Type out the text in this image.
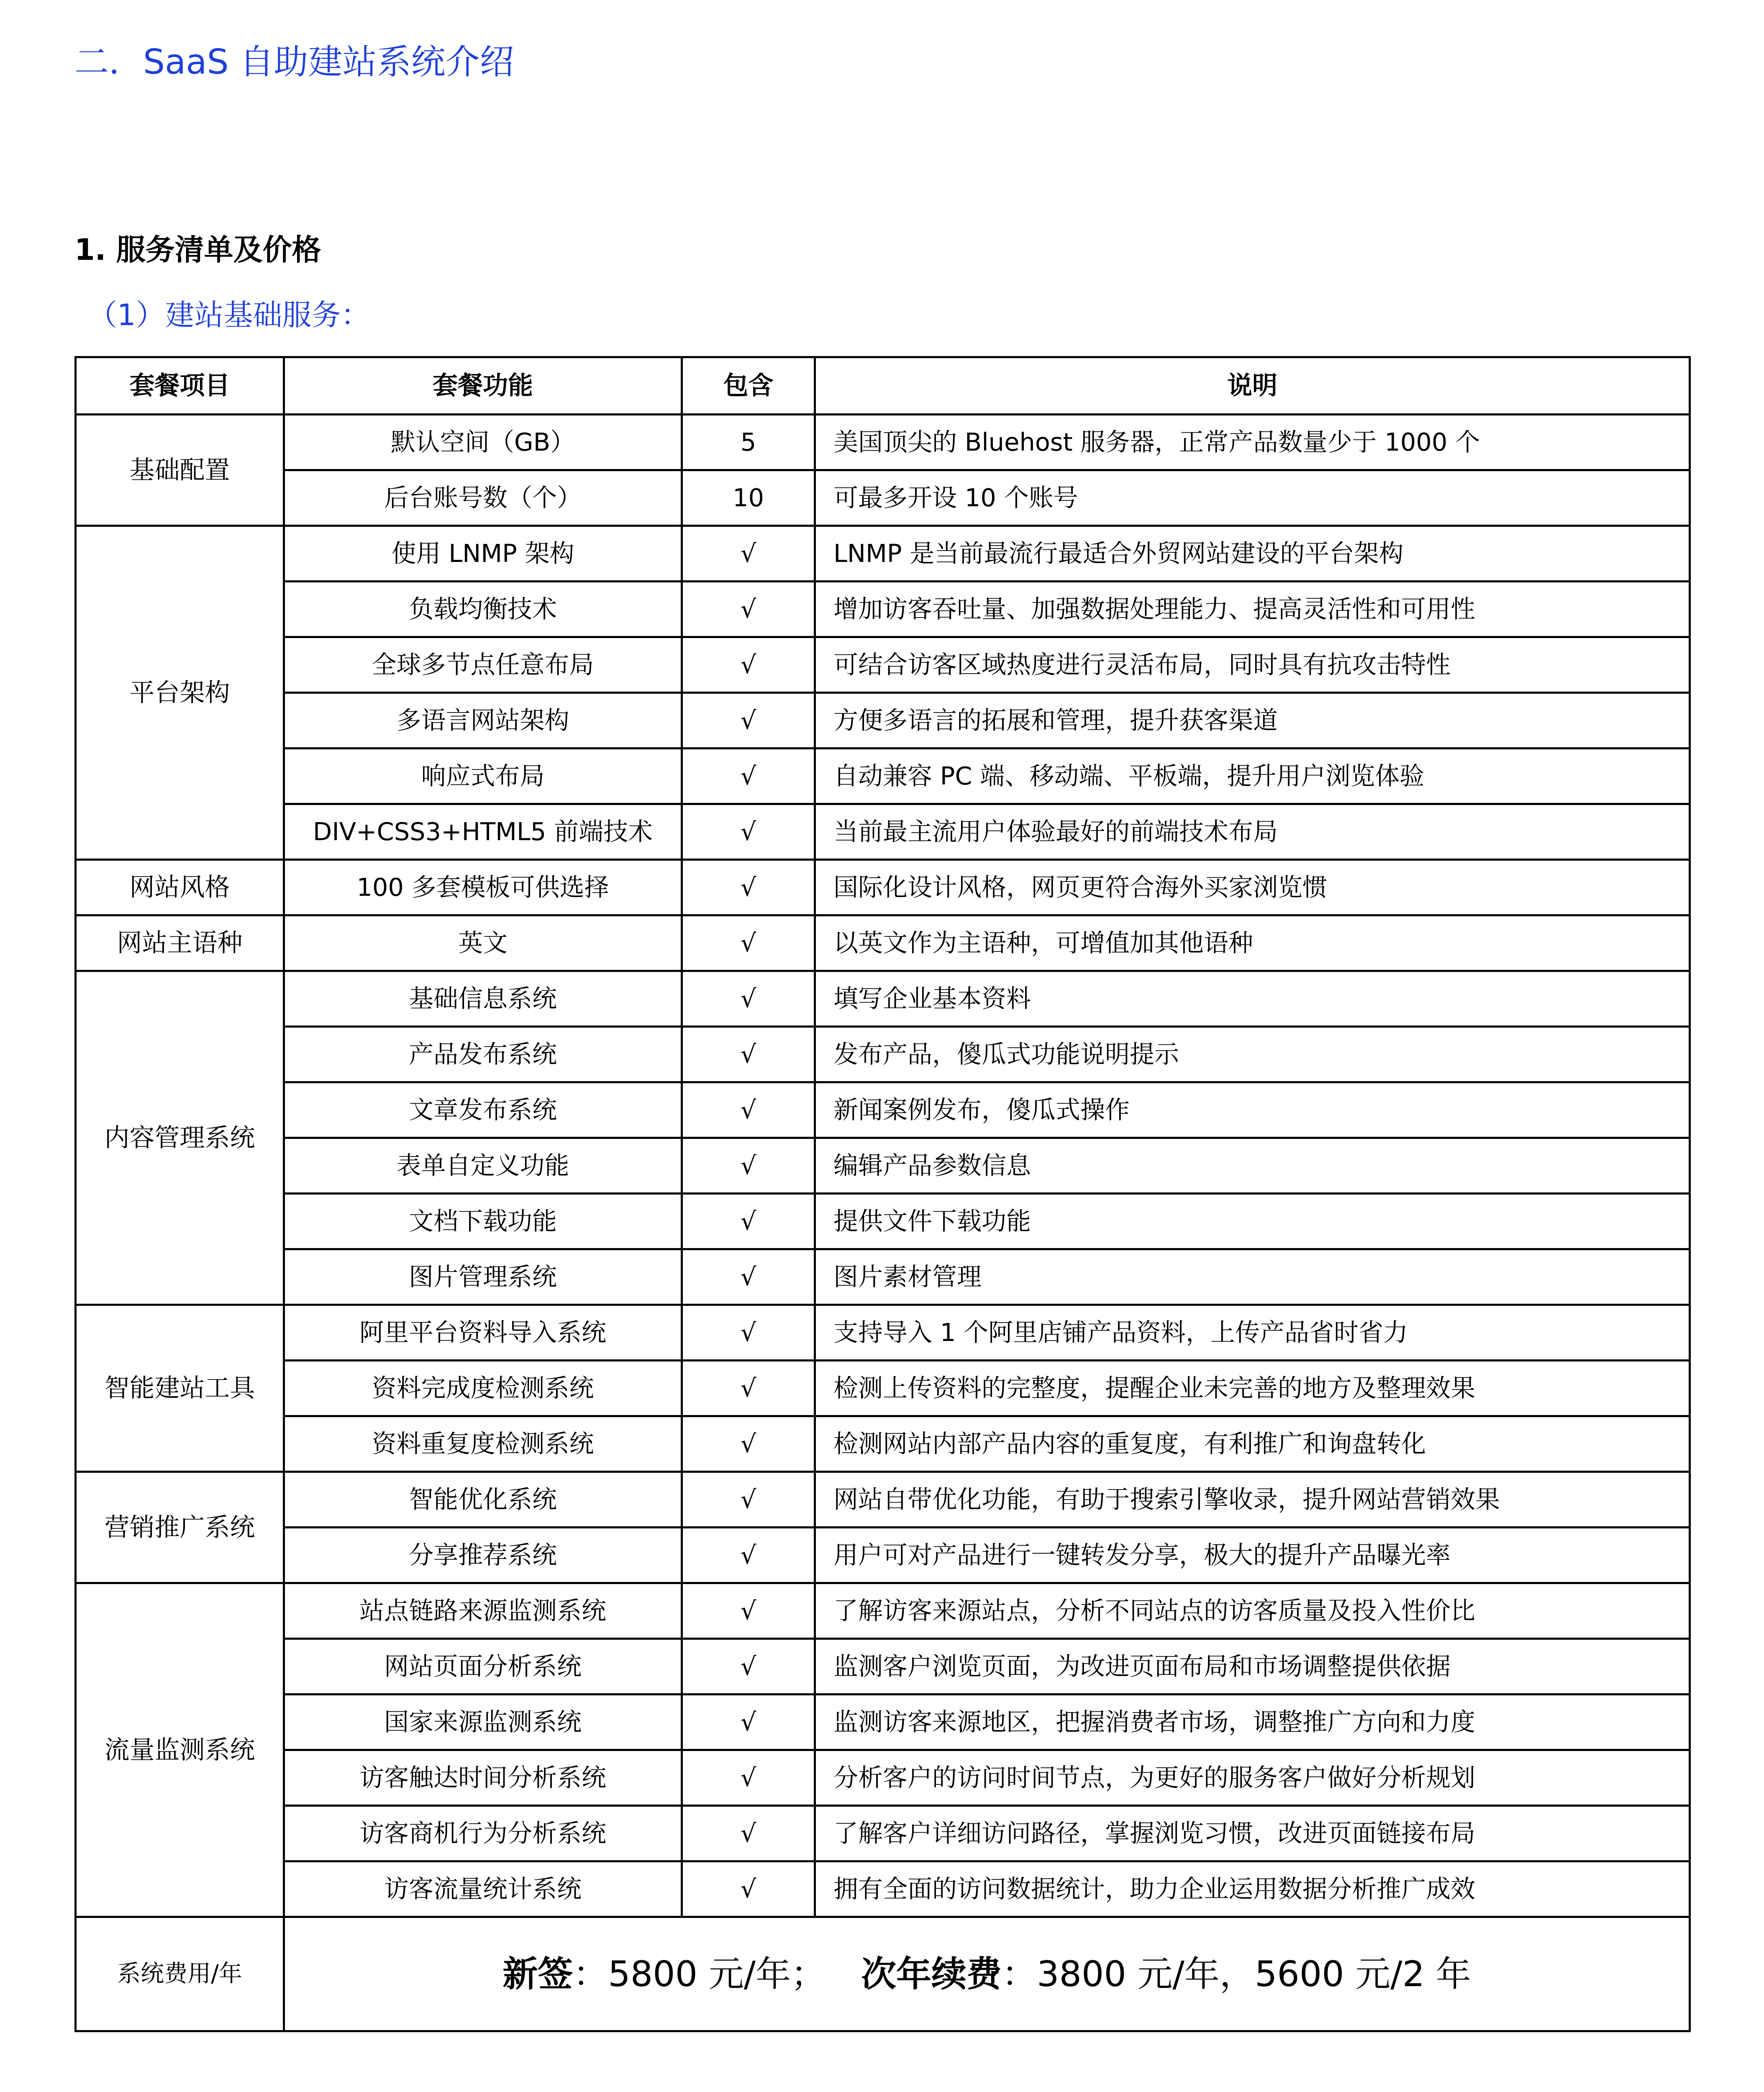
二．SaaS 自助建站系统介绍
1. 服务清单及价格
（1）建站基础服务：
套餐项目	套餐功能	包含	说明
基础配置	默认空间（GB）	5	美国顶尖的 Bluehost 服务器，正常产品数量少于 1000 个
	后台账号数（个）	10	可最多开设 10 个账号
平台架构	使用 LNMP 架构	√	LNMP 是当前最流行最适合外贸网站建设的平台架构
	负载均衡技术	√	增加访客吞吐量、加强数据处理能力、提高灵活性和可用性
	全球多节点任意布局	√	可结合访客区域热度进行灵活布局，同时具有抗攻击特性
	多语言网站架构	√	方便多语言的拓展和管理，提升获客渠道
	响应式布局	√	自动兼容 PC 端、移动端、平板端，提升用户浏览体验
	DIV+CSS3+HTML5 前端技术	√	当前最主流用户体验最好的前端技术布局
网站风格	100 多套模板可供选择	√	国际化设计风格，网页更符合海外买家浏览惯
网站主语种	英文	√	以英文作为主语种，可增值加其他语种
内容管理系统	基础信息系统	√	填写企业基本资料
	产品发布系统	√	发布产品，傻瓜式功能说明提示
	文章发布系统	√	新闻案例发布，傻瓜式操作
	表单自定义功能	√	编辑产品参数信息
	文档下载功能	√	提供文件下载功能
	图片管理系统	√	图片素材管理
智能建站工具	阿里平台资料导入系统	√	支持导入 1 个阿里店铺产品资料，上传产品省时省力
	资料完成度检测系统	√	检测上传资料的完整度，提醒企业未完善的地方及整理效果
	资料重复度检测系统	√	检测网站内部产品内容的重复度，有利推广和询盘转化
营销推广系统	智能优化系统	√	网站自带优化功能，有助于搜索引擎收录，提升网站营销效果
	分享推荐系统	√	用户可对产品进行一键转发分享，极大的提升产品曝光率
流量监测系统	站点链路来源监测系统	√	了解访客来源站点，分析不同站点的访客质量及投入性价比
	网站页面分析系统	√	监测客户浏览页面，为改进页面布局和市场调整提供依据
	国家来源监测系统	√	监测访客来源地区，把握消费者市场，调整推广方向和力度
	访客触达时间分析系统	√	分析客户的访问时间节点，为更好的服务客户做好分析规划
	访客商机行为分析系统	√	了解客户详细访问路径，掌握浏览习惯，改进页面链接布局
	访客流量统计系统	√	拥有全面的访问数据统计，助力企业运用数据分析推广成效
系统费用/年	新签：5800 元/年；  次年续费：3800 元/年，5600 元/2 年		
